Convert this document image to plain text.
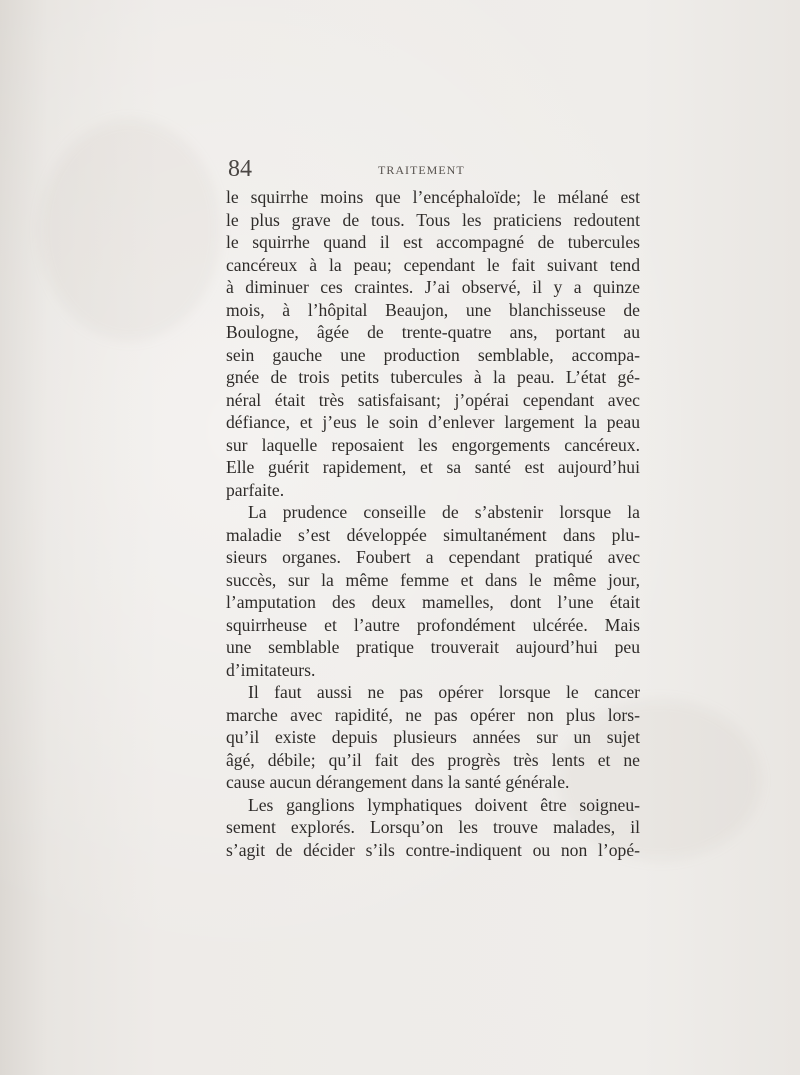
84	TRAITEMENT
le squirrhe moins que l’encéphaloïde; le mélané est
le plus grave de tous. Tous les praticiens redoutent
le squirrhe quand il est accompagné de tubercules
cancéreux à la peau; cependant le fait suivant tend
à diminuer ces craintes. J’ai observé, il y a quinze
mois, à l’hôpital Beaujon, une blanchisseuse de
Boulogne, âgée de trente-quatre ans, portant au
sein gauche une production semblable, accompa-
gnée de trois petits tubercules à la peau. L’état gé-
néral était très satisfaisant; j’opérai cependant avec
défiance, et j’eus le soin d’enlever largement la peau
sur laquelle reposaient les engorgements cancéreux.
Elle guérit rapidement, et sa santé est aujourd’hui
parfaite.
La prudence conseille de s’abstenir lorsque la
maladie s’est développée simultanément dans plu-
sieurs organes. Foubert a cependant pratiqué avec
succès, sur la même femme et dans le même jour,
l’amputation des deux mamelles, dont l’une était
squirrheuse et l’autre profondément ulcérée. Mais
une semblable pratique trouverait aujourd’hui peu
d’imitateurs.
Il faut aussi ne pas opérer lorsque le cancer
marche avec rapidité, ne pas opérer non plus lors-
qu’il existe depuis plusieurs années sur un sujet
âgé, débile; qu’il fait des progrès très lents et ne
cause aucun dérangement dans la santé générale.
Les ganglions lymphatiques doivent être soigneu-
sement explorés. Lorsqu’on les trouve malades, il
s’agit de décider s’ils contre-indiquent ou non l’opé-
